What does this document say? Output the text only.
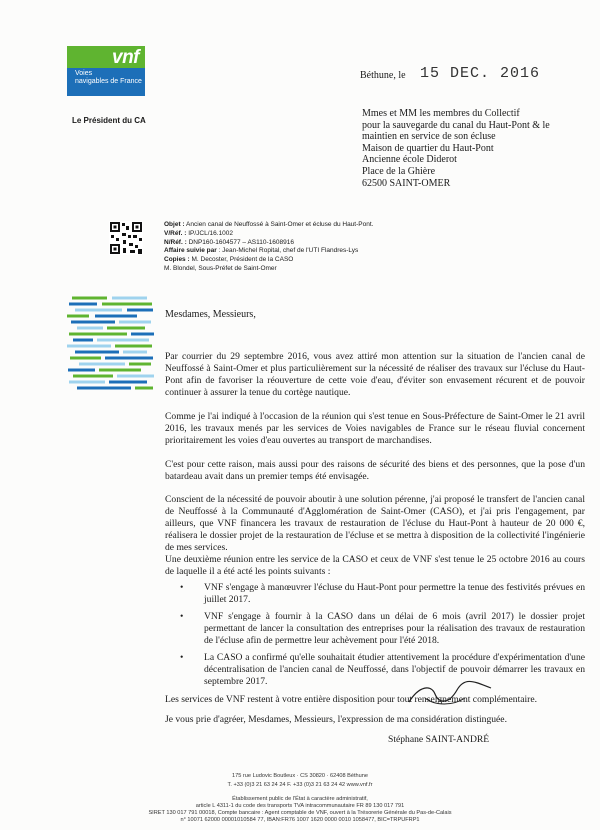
vnf
Voies
navigables de France
Le Président du CA
Béthune, le 15 DEC. 2016
Mmes et MM les membres du Collectif
pour la sauvegarde du canal du Haut-Pont & le
maintien en service de son écluse
Maison de quartier du Haut-Pont
Ancienne école Diderot
Place de la Ghière
62500 SAINT-OMER
Objet : Ancien canal de Neuffossé à Saint-Omer et écluse du Haut-Pont.
V/Réf. : IP/JCL/16.1002
N/Réf. : DNP160-1604577 – AS110-1608916
Affaire suivie par : Jean-Michel Ropital, chef de l'UTI Flandres-Lys
Copies : M. Decoster, Président de la CASO
M. Blondel, Sous-Préfet de Saint-Omer
Mesdames, Messieurs,
Par courrier du 29 septembre 2016, vous avez attiré mon attention sur la situation de l'ancien canal de Neuffossé à Saint-Omer et plus particulièrement sur la nécessité de réaliser des travaux sur l'écluse du Haut-Pont afin de favoriser la réouverture de cette voie d'eau, d'éviter son envasement récurent et de pouvoir continuer à assurer la tenue du cortège nautique.
Comme je l'ai indiqué à l'occasion de la réunion qui s'est tenue en Sous-Préfecture de Saint-Omer le 21 avril 2016, les travaux menés par les services de Voies navigables de France sur le réseau fluvial concernent prioritairement les voies d'eau ouvertes au transport de marchandises.
C'est pour cette raison, mais aussi pour des raisons de sécurité des biens et des personnes, que la pose d'un batardeau avait dans un premier temps été envisagée.
Conscient de la nécessité de pouvoir aboutir à une solution pérenne, j'ai proposé le transfert de l'ancien canal de Neuffossé à la Communauté d'Agglomération de Saint-Omer (CASO), et j'ai pris l'engagement, par ailleurs, que VNF financera les travaux de restauration de l'écluse du Haut-Pont à hauteur de 20 000 €, réalisera le dossier projet de la restauration de l'écluse et se mettra à disposition de la collectivité l'ingénierie de mes services.
Une deuxième réunion entre les service de la CASO et ceux de VNF s'est tenue le 25 octobre 2016 au cours de laquelle il a été acté les points suivants :
• VNF s'engage à manœuvrer l'écluse du Haut-Pont pour permettre la tenue des festivités prévues en juillet 2017.
• VNF s'engage à fournir à la CASO dans un délai de 6 mois (avril 2017) le dossier projet permettant de lancer la consultation des entreprises pour la réalisation des travaux de restauration de l'écluse afin de permettre leur achèvement pour l'été 2018.
• La CASO a confirmé qu'elle souhaitait étudier attentivement la procédure d'expérimentation d'une décentralisation de l'ancien canal de Neuffossé, dans l'objectif de pouvoir démarrer les travaux en septembre 2017.
Les services de VNF restent à votre entière disposition pour tout renseignement complémentaire.
Je vous prie d'agréer, Mesdames, Messieurs, l'expression de ma considération distinguée.
Stéphane SAINT-ANDRÉ
175 rue Ludovic Boutleux · CS 30820 · 62408 Béthune
T. +33 (0)3 21 63 24 24 F. +33 (0)3 21 63 24 42 www.vnf.fr
Établissement public de l'État à caractère administratif,
article L 4311-1 du code des transports TVA intracommunautaire FR 89 130 017 791
SIRET 130 017 791 00018, Compte bancaire : Agent comptable de VNF, ouvert à la Trésorerie Générale du Pas-de-Calais
n° 10071 62000 00001010584 77, IBAN:FR76 1007 1620 0000 0010 1058477, BIC=TRPUFRP1
